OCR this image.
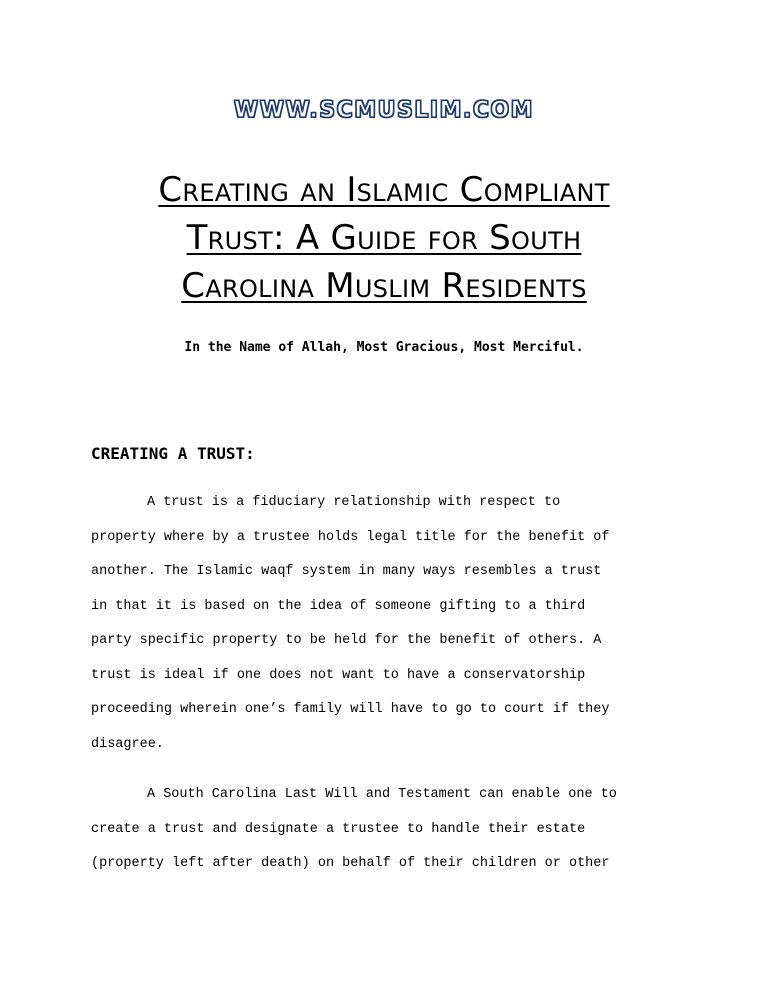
WWW.SCMUSLIM.COM
Creating an Islamic Compliant
Trust: A Guide for South
Carolina Muslim Residents
In the Name of Allah, Most Gracious, Most Merciful.
CREATING A TRUST:
A trust is a fiduciary relationship with respect to
property where by a trustee holds legal title for the benefit of
another. The Islamic waqf system in many ways resembles a trust
in that it is based on the idea of someone gifting to a third
party specific property to be held for the benefit of others. A
trust is ideal if one does not want to have a conservatorship
proceeding wherein one’s family will have to go to court if they
disagree.
A South Carolina Last Will and Testament can enable one to
create a trust and designate a trustee to handle their estate
(property left after death) on behalf of their children or other
